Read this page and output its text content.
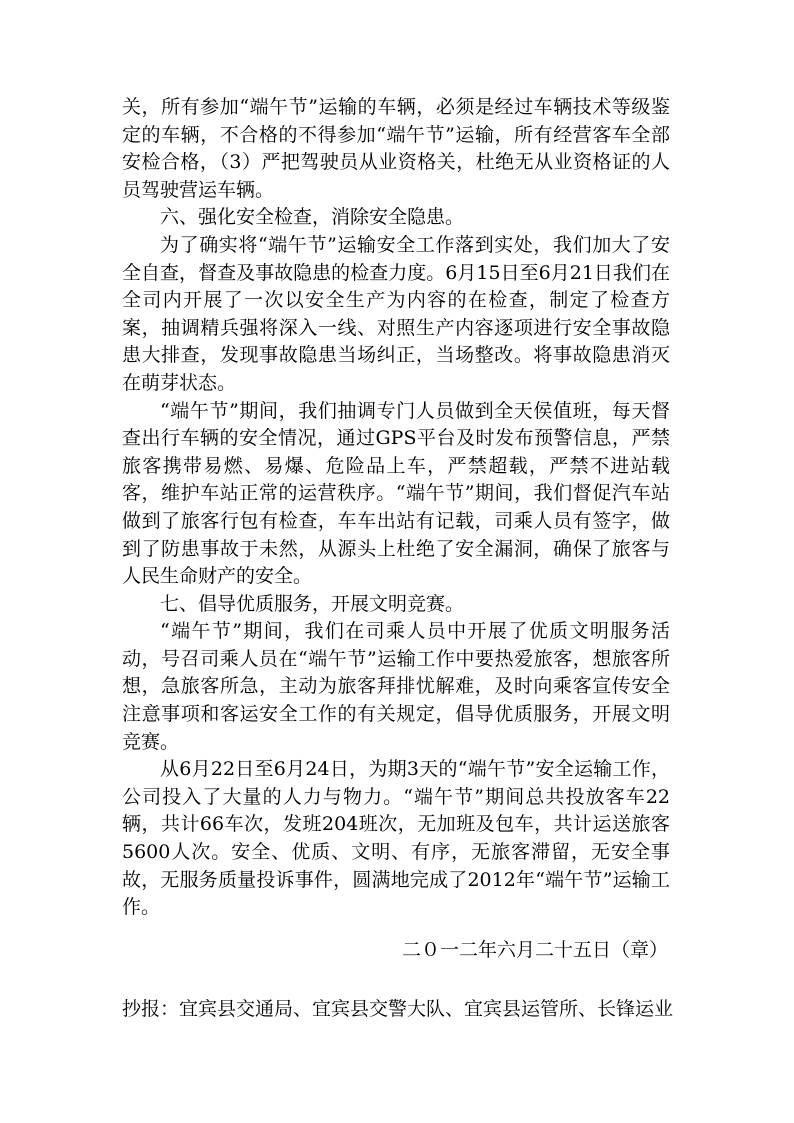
关，所有参加“端午节”运输的车辆，必须是经过车辆技术等级鉴定的车辆，不合格的不得参加“端午节”运输，所有经营客车全部安检合格，（3）严把驾驶员从业资格关，杜绝无从业资格证的人员驾驶营运车辆。

六、强化安全检查，消除安全隐患。

为了确实将“端午节”运输安全工作落到实处，我们加大了安全自查，督查及事故隐患的检查力度。6月15日至6月21日我们在全司内开展了一次以安全生产为内容的在检查，制定了检查方案，抽调精兵强将深入一线、对照生产内容逐项进行安全事故隐患大排查，发现事故隐患当场纠正，当场整改。将事故隐患消灭在萌芽状态。

“端午节”期间，我们抽调专门人员做到全天侯值班，每天督查出行车辆的安全情况，通过GPS平台及时发布预警信息，严禁旅客携带易燃、易爆、危险品上车，严禁超载，严禁不进站载客，维护车站正常的运营秩序。“端午节”期间，我们督促汽车站做到了旅客行包有检查，车车出站有记载，司乘人员有签字，做到了防患事故于未然，从源头上杜绝了安全漏洞，确保了旅客与人民生命财产的安全。

七、倡导优质服务，开展文明竞赛。

“端午节”期间，我们在司乘人员中开展了优质文明服务活动，号召司乘人员在“端午节”运输工作中要热爱旅客，想旅客所想，急旅客所急，主动为旅客拜排忧解难，及时向乘客宣传安全注意事项和客运安全工作的有关规定，倡导优质服务，开展文明竞赛。

从6月22日至6月24日，为期3天的“端午节”安全运输工作，公司投入了大量的人力与物力。“端午节”期间总共投放客车22辆，共计66车次，发班204班次，无加班及包车，共计运送旅客5600人次。安全、优质、文明、有序，无旅客滞留，无安全事故，无服务质量投诉事件，圆满地完成了2012年“端午节”运输工作。

二０一二年六月二十五日（章）
抄报：宜宾县交通局、宜宾县交警大队、宜宾县运管所、长锋运业
